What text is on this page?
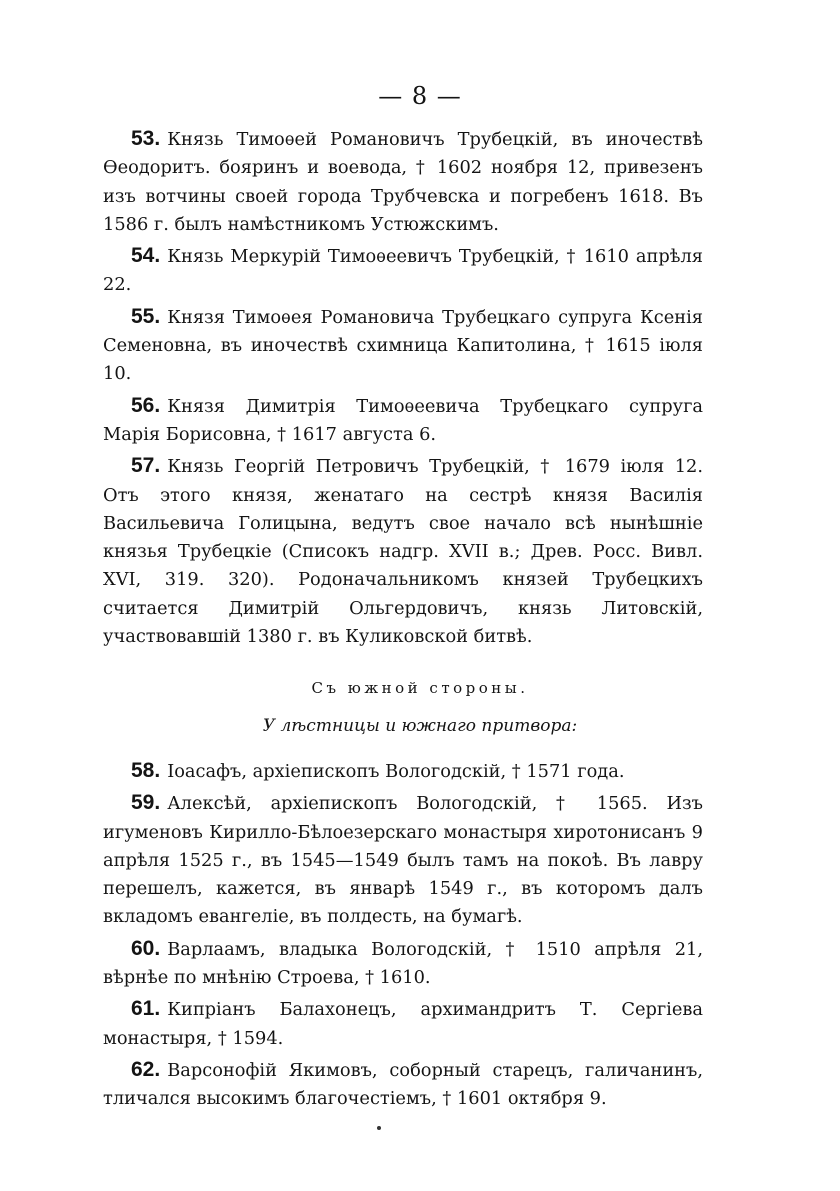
— 8 —

53. Князь Тимоѳей Романовичъ Трубецкій, въ иночествѣ Ѳеодоритъ. бояринъ и воевода, † 1602 ноября 12, привезенъ изъ вотчины своей города Трубчевска и погребенъ 1618. Въ 1586 г. былъ намѣстникомъ Устюжскимъ.

54. Князь Меркурій Тимоѳеевичъ Трубецкій, † 1610 апрѣля 22.

55. Князя Тимоѳея Романовича Трубецкаго супруга Ксенія Семеновна, въ иночествѣ схимница Капитолина, † 1615 іюля 10.

56. Князя Димитрія Тимоѳеевича Трубецкаго супруга Марія Борисовна, † 1617 августа 6.

57. Князь Георгій Петровичъ Трубецкій, † 1679 іюля 12. Отъ этого князя, женатаго на сестрѣ князя Василія Васильевича Голицына, ведутъ свое начало всѣ нынѣшніе князья Трубецкіе (Списокъ надгр. XVII в.; Древ. Росс. Вивл. XVI, 319. 320). Родоначальникомъ князей Трубецкихъ считается Димитрій Ольгердовичъ, князь Литовскій, участвовавшій 1380 г. въ Куликовской битвѣ.

Съ южной стороны.
У лѣстницы и южнаго притвора:

58. Іоасафъ, архіепископъ Вологодскій, † 1571 года.

59. Алексѣй, архіепископъ Вологодскій, † 1565. Изъ игуменовъ Кирилло-Бѣлоезерскаго монастыря хиротонисанъ 9 апрѣля 1525 г., въ 1545—1549 былъ тамъ на покоѣ. Въ лавру перешелъ, кажется, въ январѣ 1549 г., въ которомъ далъ вкладомъ евангеліе, въ полдесть, на бумагѣ.

60. Варлаамъ, владыка Вологодскій, † 1510 апрѣля 21, вѣрнѣе по мнѣнію Строева, † 1610.

61. Кипріанъ Балахонецъ, архимандритъ Т. Сергіева монастыря, † 1594.

62. Варсонофій Якимовъ, соборный старецъ, галичанинъ, тличался высокимъ благочестіемъ, † 1601 октября 9.
